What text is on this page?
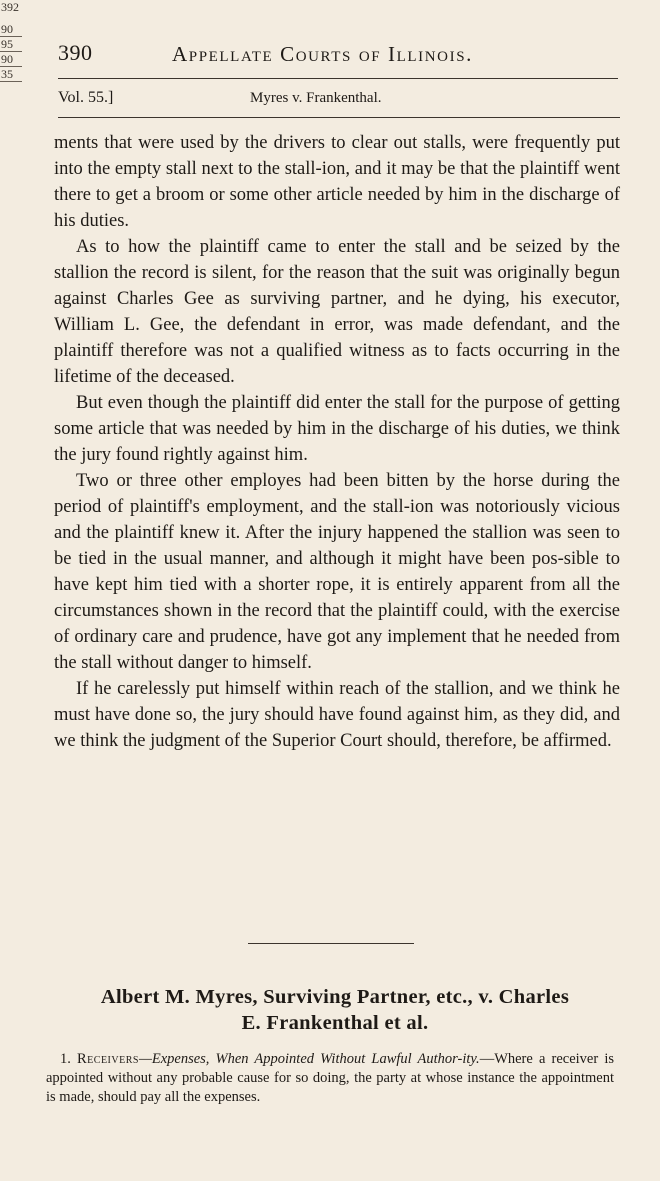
392
90
95
90
35
390	Appellate Courts of Illinois.
Vol. 55.]	Myres v. Frankenthal.

ments that were used by the drivers to clear out stalls, were frequently put into the empty stall next to the stall-ion, and it may be that the plaintiff went there to get a broom or some other article needed by him in the discharge of his duties.

As to how the plaintiff came to enter the stall and be seized by the stallion the record is silent, for the reason that the suit was originally begun against Charles Gee as surviving partner, and he dying, his executor, William L. Gee, the defendant in error, was made defendant, and the plaintiff therefore was not a qualified witness as to facts occurring in the lifetime of the deceased.

But even though the plaintiff did enter the stall for the purpose of getting some article that was needed by him in the discharge of his duties, we think the jury found rightly against him.

Two or three other employes had been bitten by the horse during the period of plaintiff's employment, and the stall-ion was notoriously vicious and the plaintiff knew it. After the injury happened the stallion was seen to be tied in the usual manner, and although it might have been pos-sible to have kept him tied with a shorter rope, it is entirely apparent from all the circumstances shown in the record that the plaintiff could, with the exercise of ordinary care and prudence, have got any implement that he needed from the stall without danger to himself.

If he carelessly put himself within reach of the stallion, and we think he must have done so, the jury should have found against him, as they did, and we think the judgment of the Superior Court should, therefore, be affirmed.

Albert M. Myres, Surviving Partner, etc., v. Charles
E. Frankenthal et al.
1. Receivers—Expenses, When Appointed Without Lawful Author-ity.—Where a receiver is appointed without any probable cause for so doing, the party at whose instance the appointment is made, should pay all the expenses.
